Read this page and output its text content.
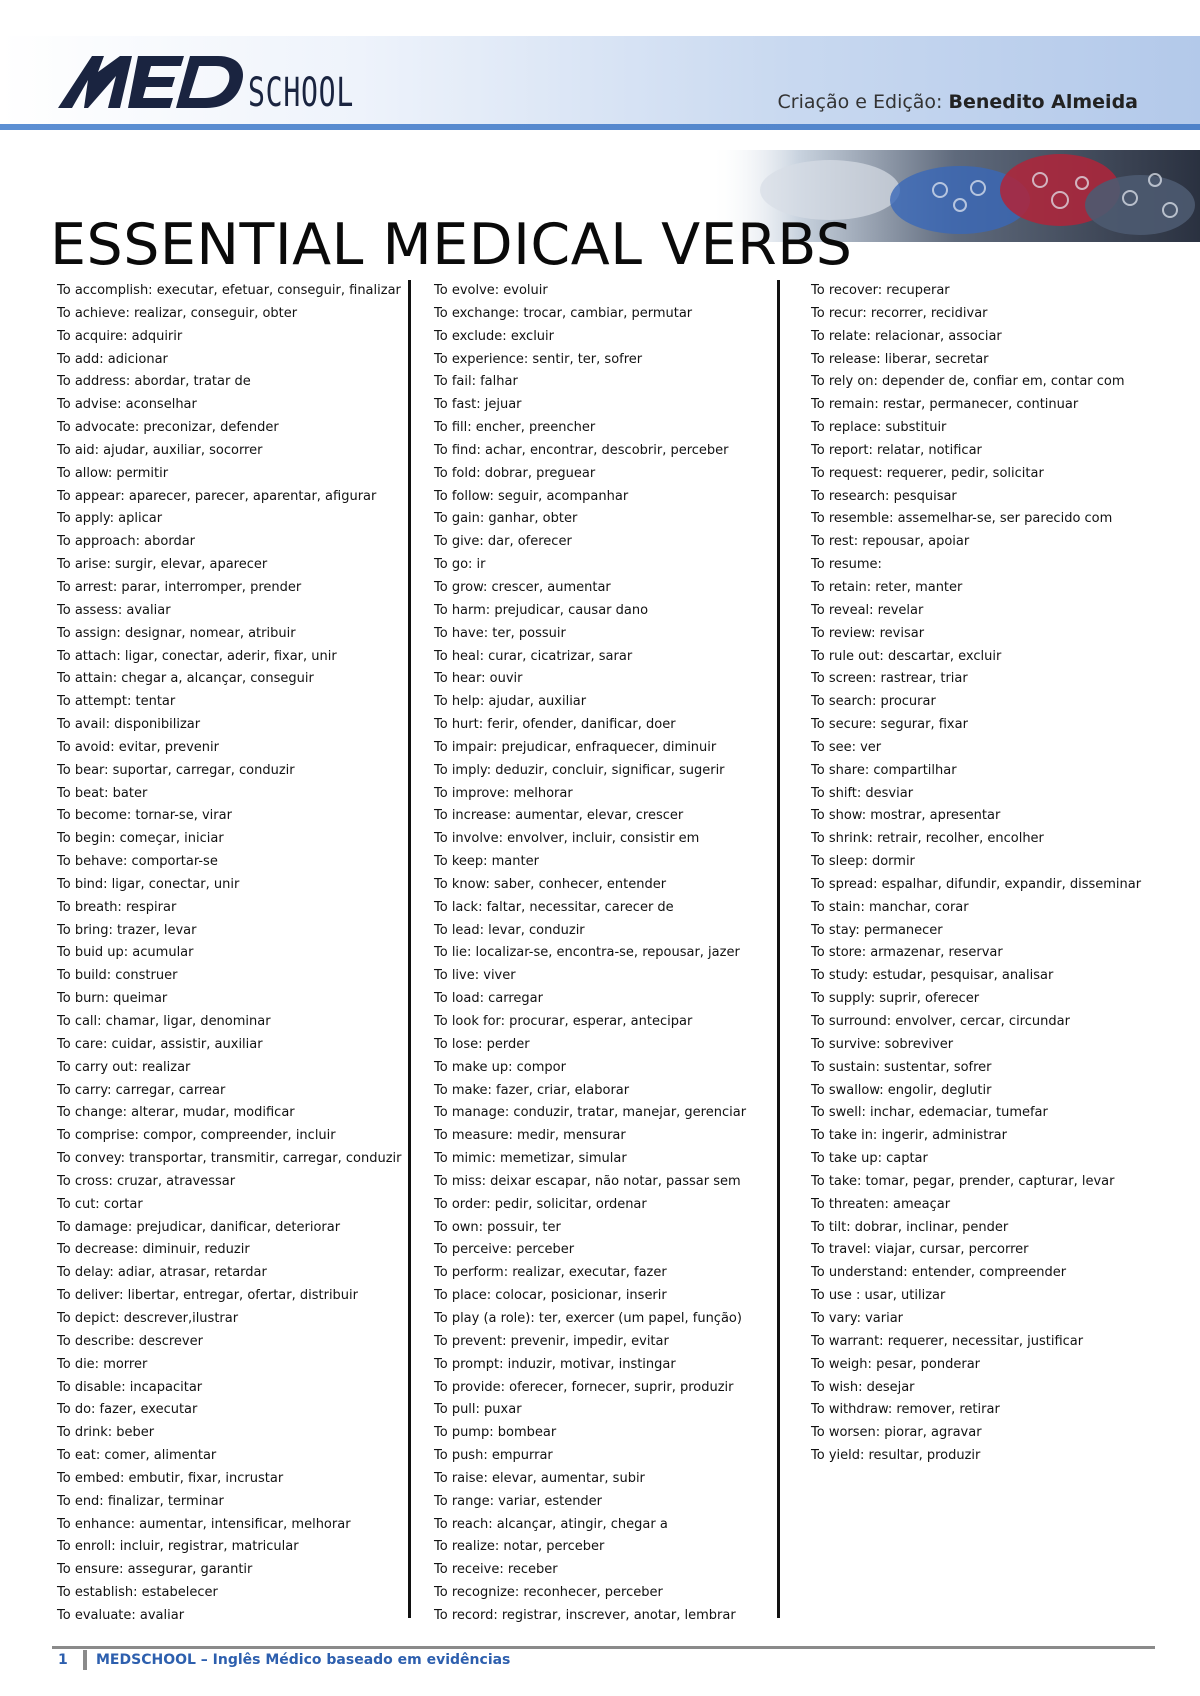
SCHOOL	Criação e Edição: Benedito Almeida
ESSENTIAL MEDICAL VERBS
To accomplish: executar, efetuar, conseguir, finalizar
To achieve: realizar, conseguir, obter
To acquire: adquirir
To add: adicionar
To address: abordar, tratar de
To advise: aconselhar
To advocate: preconizar, defender
To aid: ajudar, auxiliar, socorrer
To allow: permitir
To appear: aparecer, parecer, aparentar, afigurar
To apply: aplicar
To approach: abordar
To arise: surgir, elevar, aparecer
To arrest: parar, interromper, prender
To assess: avaliar
To assign: designar, nomear, atribuir
To attach: ligar, conectar, aderir, fixar, unir
To attain: chegar a, alcançar, conseguir
To attempt: tentar
To avail: disponibilizar
To avoid: evitar, prevenir
To bear: suportar, carregar, conduzir
To beat: bater
To become: tornar-se, virar
To begin: começar, iniciar
To behave: comportar-se
To bind: ligar, conectar, unir
To breath: respirar
To bring: trazer, levar
To buid up: acumular
To build: construer
To burn: queimar
To call: chamar, ligar, denominar
To care: cuidar, assistir, auxiliar
To carry out: realizar
To carry: carregar, carrear
To change: alterar, mudar, modificar
To comprise: compor, compreender, incluir
To convey: transportar, transmitir, carregar, conduzir
To cross: cruzar, atravessar
To cut: cortar
To damage: prejudicar, danificar, deteriorar
To decrease: diminuir, reduzir
To delay: adiar, atrasar, retardar
To deliver: libertar, entregar, ofertar, distribuir
To depict: descrever,ilustrar
To describe: descrever
To die: morrer
To disable: incapacitar
To do: fazer, executar
To drink: beber
To eat: comer, alimentar
To embed: embutir, fixar, incrustar
To end: finalizar, terminar
To enhance: aumentar, intensificar, melhorar
To enroll: incluir, registrar, matricular
To ensure: assegurar, garantir
To establish: estabelecer
To evaluate: avaliar
To evolve: evoluir
To exchange: trocar, cambiar, permutar
To exclude: excluir
To experience: sentir, ter, sofrer
To fail: falhar
To fast: jejuar
To fill: encher, preencher
To find: achar, encontrar, descobrir, perceber
To fold: dobrar, preguear
To follow: seguir, acompanhar
To gain: ganhar, obter
To give: dar, oferecer
To go: ir
To grow: crescer, aumentar
To harm: prejudicar, causar dano
To have: ter, possuir
To heal: curar, cicatrizar, sarar
To hear: ouvir
To help: ajudar, auxiliar
To hurt: ferir, ofender, danificar, doer
To impair: prejudicar, enfraquecer, diminuir
To imply: deduzir, concluir, significar, sugerir
To improve: melhorar
To increase: aumentar, elevar, crescer
To involve: envolver, incluir, consistir em
To keep: manter
To know: saber, conhecer, entender
To lack: faltar, necessitar, carecer de
To lead: levar, conduzir
To lie: localizar-se, encontra-se, repousar, jazer
To live: viver
To load: carregar
To look for: procurar, esperar, antecipar
To lose: perder
To make up: compor
To make: fazer, criar, elaborar
To manage: conduzir, tratar, manejar, gerenciar
To measure: medir, mensurar
To mimic: memetizar, simular
To miss: deixar escapar, não notar, passar sem
To order: pedir, solicitar, ordenar
To own: possuir, ter
To perceive: perceber
To perform: realizar, executar, fazer
To place: colocar, posicionar, inserir
To play (a role): ter, exercer (um papel, função)
To prevent: prevenir, impedir, evitar
To prompt: induzir, motivar, instingar
To provide: oferecer, fornecer, suprir, produzir
To pull: puxar
To pump: bombear
To push: empurrar
To raise: elevar, aumentar, subir
To range: variar, estender
To reach: alcançar, atingir, chegar a
To realize: notar, perceber
To receive: receber
To recognize: reconhecer, perceber
To record: registrar, inscrever, anotar, lembrar
To recover: recuperar
To recur: recorrer, recidivar
To relate: relacionar, associar
To release: liberar, secretar
To rely on: depender de, confiar em, contar com
To remain: restar, permanecer, continuar
To replace: substituir
To report: relatar, notificar
To request: requerer, pedir, solicitar
To research: pesquisar
To resemble: assemelhar-se, ser parecido com
To rest: repousar, apoiar
To resume:
To retain: reter, manter
To reveal: revelar
To review: revisar
To rule out: descartar, excluir
To screen: rastrear, triar
To search: procurar
To secure: segurar, fixar
To see: ver
To share: compartilhar
To shift: desviar
To show: mostrar, apresentar
To shrink: retrair, recolher, encolher
To sleep: dormir
To spread: espalhar, difundir, expandir, disseminar
To stain: manchar, corar
To stay: permanecer
To store: armazenar, reservar
To study: estudar, pesquisar, analisar
To supply: suprir, oferecer
To surround: envolver, cercar, circundar
To survive: sobreviver
To sustain: sustentar, sofrer
To swallow: engolir, deglutir
To swell: inchar, edemaciar, tumefar
To take in: ingerir, administrar
To take up: captar
To take: tomar, pegar, prender, capturar, levar
To threaten: ameaçar
To tilt: dobrar, inclinar, pender
To travel: viajar, cursar, percorrer
To understand: entender, compreender
To use : usar, utilizar
To vary: variar
To warrant: requerer, necessitar, justificar
To weigh: pesar, ponderar
To wish: desejar
To withdraw: remover, retirar
To worsen: piorar, agravar
To yield: resultar, produzir
1 MEDSCHOOL – Inglês Médico baseado em evidências
